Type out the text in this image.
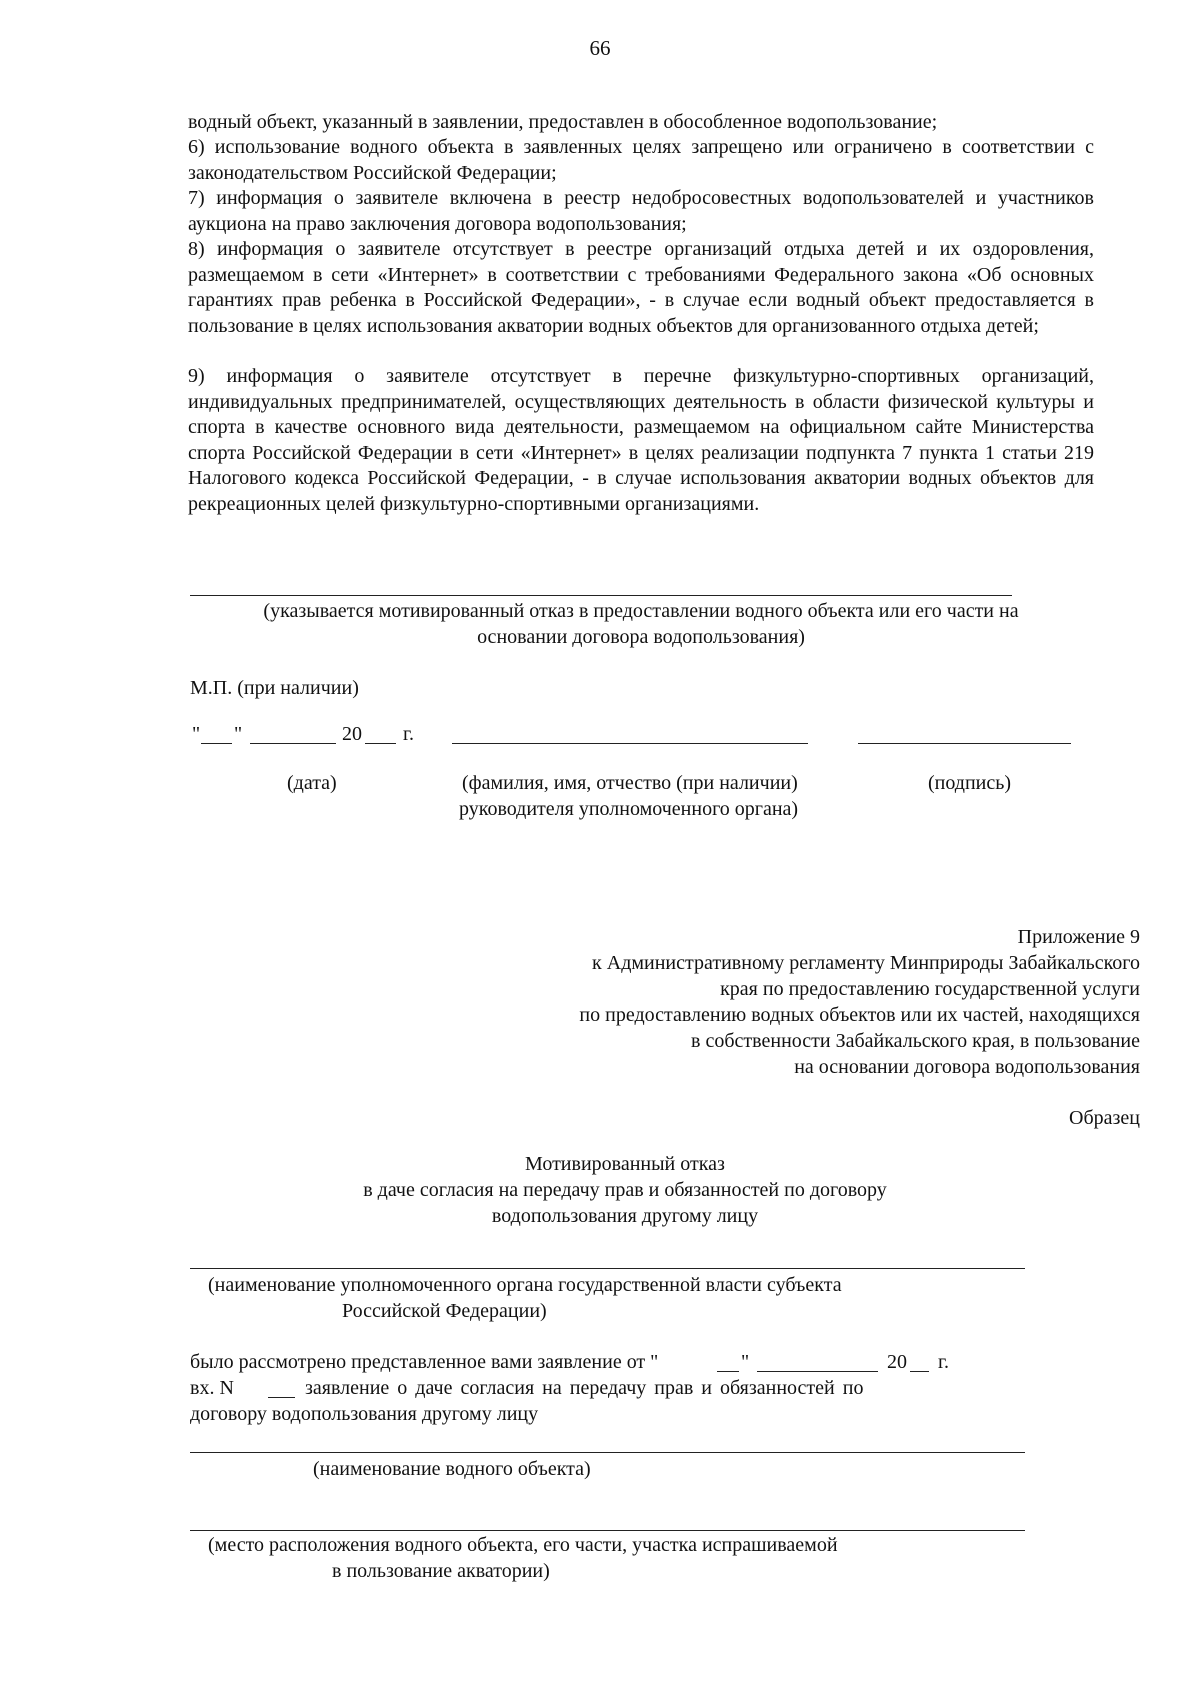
66
водный объект, указанный в заявлении, предоставлен в обособленное водопользование;
6) использование водного объекта в заявленных целях запрещено или ограничено в соответствии с законодательством Российской Федерации;
7) информация о заявителе включена в реестр недобросовестных водопользователей и участников аукциона на право заключения договора водопользования;
8) информация о заявителе отсутствует в реестре организаций отдыха детей и их оздоровления, размещаемом в сети «Интернет» в соответствии с требованиями Федерального закона «Об основных гарантиях прав ребенка в Российской Федерации», - в случае если водный объект предоставляется в пользование в целях использования акватории водных объектов для организованного отдыха детей;
9) информация о заявителе отсутствует в перечне физкультурно-спортивных организаций, индивидуальных предпринимателей, осуществляющих деятельность в области физической культуры и спорта в качестве основного вида деятельности, размещаемом на официальном сайте Министерства спорта Российской Федерации в сети «Интернет» в целях реализации подпункта 7 пункта 1 статьи 219 Налогового кодекса Российской Федерации, - в случае использования акватории водных объектов для рекреационных целей физкультурно-спортивными организациями.
(указывается мотивированный отказ в предоставлении водного объекта или его части на
основании договора водопользования)
М.П. (при наличии)
" "	20 г.
(дата)	(фамилия, имя, отчество (при наличии)
руководителя уполномоченного органа)
(подпись)
Приложение 9
к Административному регламенту Минприроды Забайкальского
края по предоставлению государственной услуги
по предоставлению водных объектов или их частей, находящихся
в собственности Забайкальского края, в пользование
на основании договора водопользования
Образец
Мотивированный отказ
в даче согласия на передачу прав и обязанностей по договору
водопользования другому лицу
(наименование уполномоченного органа государственной власти субъекта
Российской Федерации)
было рассмотрено представленное вами заявление от "	"	20 г.
вх. N	заявление о даче согласия на передачу прав и обязанностей по
договору водопользования другому лицу
(наименование водного объекта)
(место расположения водного объекта, его части, участка испрашиваемой
в пользование акватории)
